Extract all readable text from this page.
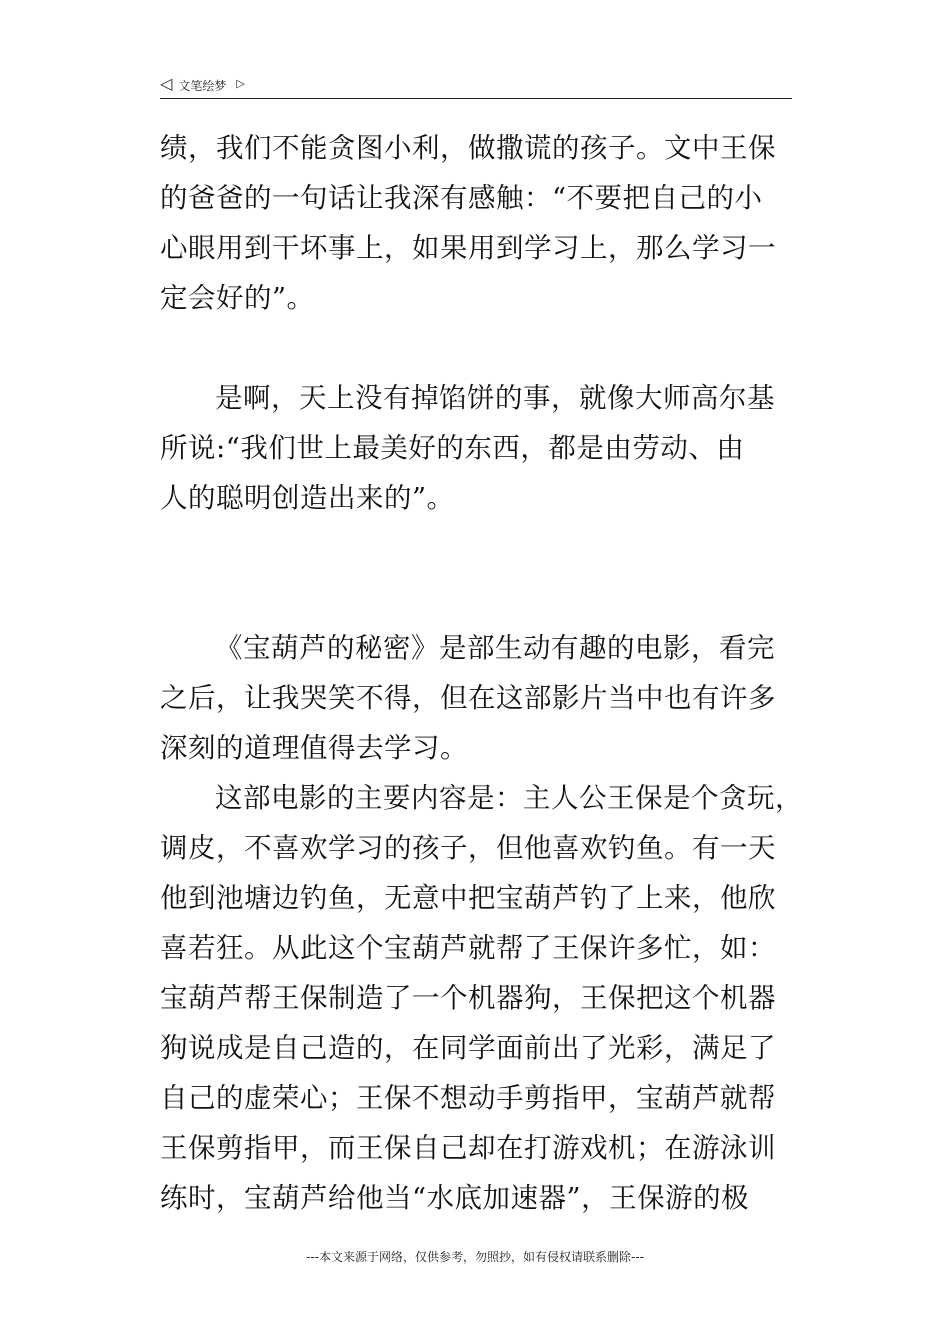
◁ 文笔绘梦 ▷

绩，我们不能贪图小利，做撒谎的孩子。文中王保
的爸爸的一句话让我深有感触：“不要把自己的小
心眼用到干坏事上，如果用到学习上，那么学习一
定会好的”。

是啊，天上没有掉馅饼的事，就像大师高尔基
所说:“我们世上最美好的东西，都是由劳动、由
人的聪明创造出来的”。

《宝葫芦的秘密》是部生动有趣的电影，看完
之后，让我哭笑不得，但在这部影片当中也有许多
深刻的道理值得去学习。

这部电影的主要内容是：主人公王保是个贪玩，
调皮，不喜欢学习的孩子，但他喜欢钓鱼。有一天
他到池塘边钓鱼，无意中把宝葫芦钓了上来，他欣
喜若狂。从此这个宝葫芦就帮了王保许多忙，如：
宝葫芦帮王保制造了一个机器狗，王保把这个机器
狗说成是自己造的，在同学面前出了光彩，满足了
自己的虚荣心；王保不想动手剪指甲，宝葫芦就帮
王保剪指甲，而王保自己却在打游戏机；在游泳训
练时，宝葫芦给他当“水底加速器”，王保游的极

---本文来源于网络，仅供参考，勿照抄，如有侵权请联系删除---
